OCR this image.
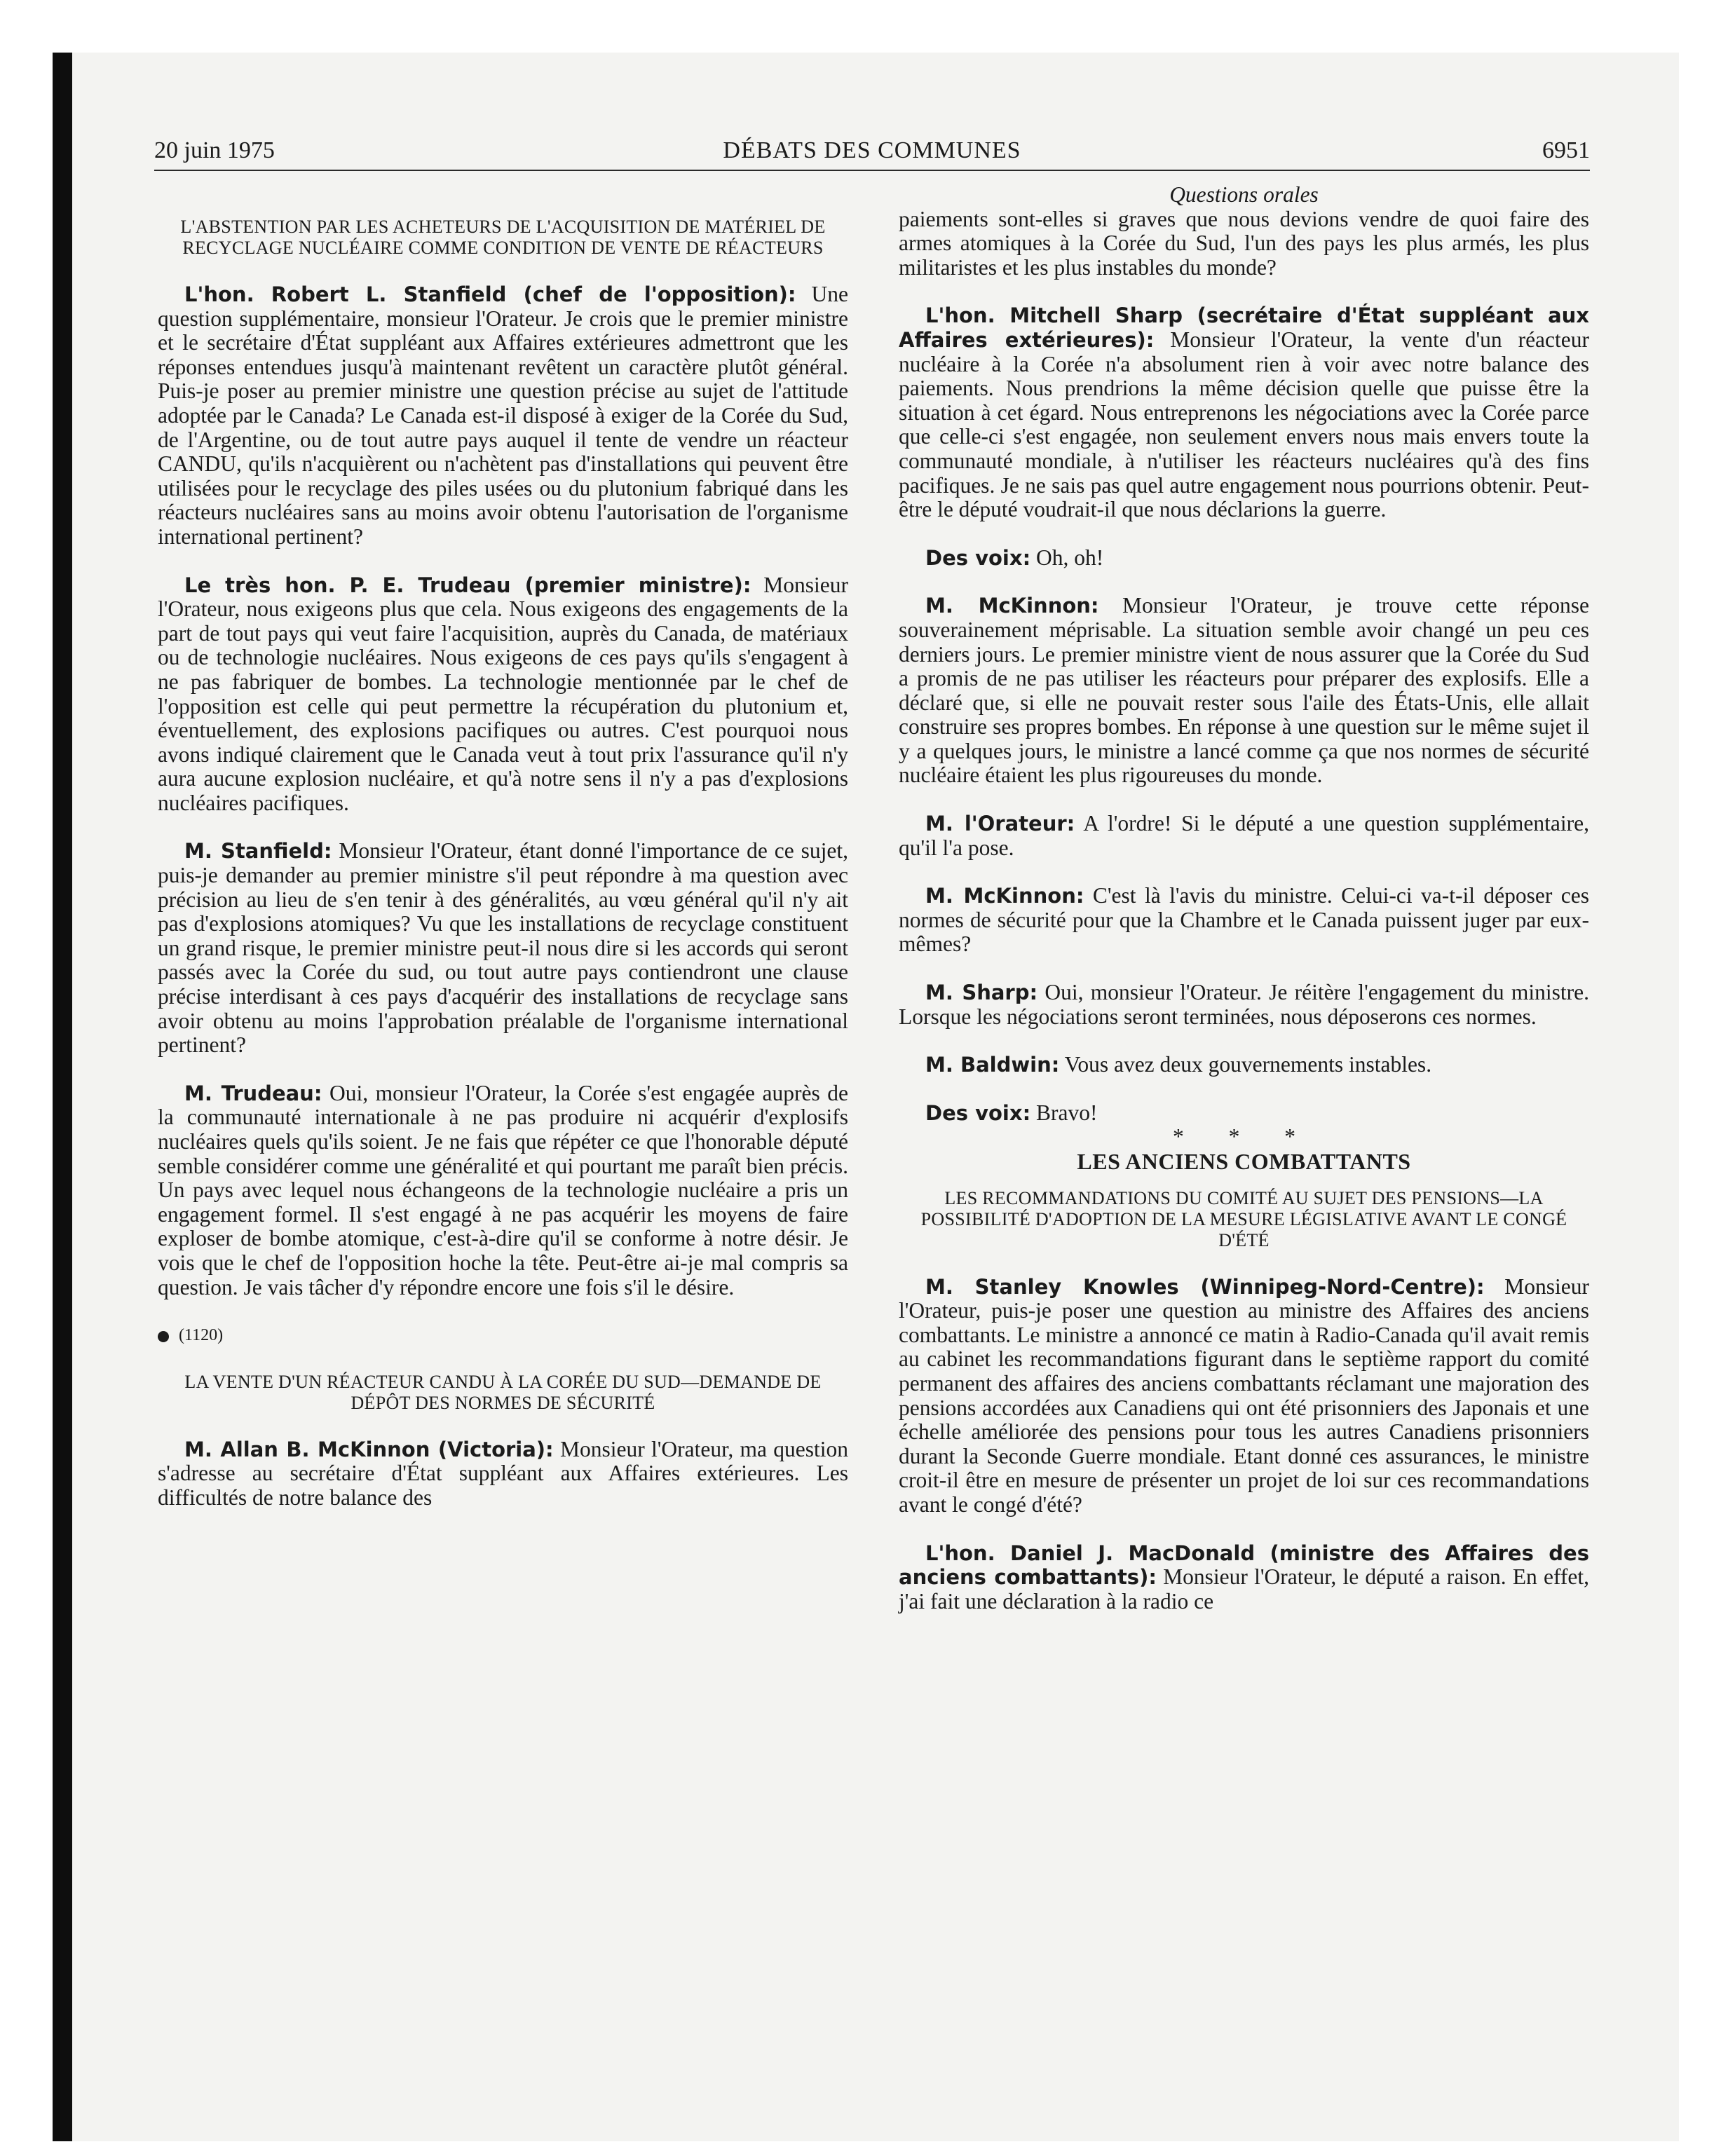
20 juin 1975	DÉBATS DES COMMUNES	6951

L'ABSTENTION PAR LES ACHETEURS DE L'ACQUISITION DE MATÉRIEL DE RECYCLAGE NUCLÉAIRE COMME CONDITION DE VENTE DE RÉACTEURS

L'hon. Robert L. Stanfield (chef de l'opposition): Une question supplémentaire, monsieur l'Orateur. Je crois que le premier ministre et le secrétaire d'État suppléant aux Affaires extérieures admettront que les réponses entendues jusqu'à maintenant revêtent un caractère plutôt général. Puis-je poser au premier ministre une question précise au sujet de l'attitude adoptée par le Canada? Le Canada est-il disposé à exiger de la Corée du Sud, de l'Argentine, ou de tout autre pays auquel il tente de vendre un réacteur CANDU, qu'ils n'acquièrent ou n'achètent pas d'installations qui peuvent être utilisées pour le recyclage des piles usées ou du plutonium fabriqué dans les réacteurs nucléaires sans au moins avoir obtenu l'autorisation de l'organisme international pertinent?

Le très hon. P. E. Trudeau (premier ministre): Monsieur l'Orateur, nous exigeons plus que cela. Nous exigeons des engagements de la part de tout pays qui veut faire l'acquisition, auprès du Canada, de matériaux ou de technologie nucléaires. Nous exigeons de ces pays qu'ils s'engagent à ne pas fabriquer de bombes. La technologie mentionnée par le chef de l'opposition est celle qui peut permettre la récupération du plutonium et, éventuellement, des explosions pacifiques ou autres. C'est pourquoi nous avons indiqué clairement que le Canada veut à tout prix l'assurance qu'il n'y aura aucune explosion nucléaire, et qu'à notre sens il n'y a pas d'explosions nucléaires pacifiques.

M. Stanfield: Monsieur l'Orateur, étant donné l'importance de ce sujet, puis-je demander au premier ministre s'il peut répondre à ma question avec précision au lieu de s'en tenir à des généralités, au vœu général qu'il n'y ait pas d'explosions atomiques? Vu que les installations de recyclage constituent un grand risque, le premier ministre peut-il nous dire si les accords qui seront passés avec la Corée du sud, ou tout autre pays contiendront une clause précise interdisant à ces pays d'acquérir des installations de recyclage sans avoir obtenu au moins l'approbation préalable de l'organisme international pertinent?

M. Trudeau: Oui, monsieur l'Orateur, la Corée s'est engagée auprès de la communauté internationale à ne pas produire ni acquérir d'explosifs nucléaires quels qu'ils soient. Je ne fais que répéter ce que l'honorable député semble considérer comme une généralité et qui pourtant me paraît bien précis. Un pays avec lequel nous échangeons de la technologie nucléaire a pris un engagement formel. Il s'est engagé à ne pas acquérir les moyens de faire exploser de bombe atomique, c'est-à-dire qu'il se conforme à notre désir. Je vois que le chef de l'opposition hoche la tête. Peut-être ai-je mal compris sa question. Je vais tâcher d'y répondre encore une fois s'il le désire.

(1120)

LA VENTE D'UN RÉACTEUR CANDU À LA CORÉE DU SUD—DEMANDE DE DÉPÔT DES NORMES DE SÉCURITÉ

M. Allan B. McKinnon (Victoria): Monsieur l'Orateur, ma question s'adresse au secrétaire d'État suppléant aux Affaires extérieures. Les difficultés de notre balance des

Questions orales

paiements sont-elles si graves que nous devions vendre de quoi faire des armes atomiques à la Corée du Sud, l'un des pays les plus armés, les plus militaristes et les plus instables du monde?

L'hon. Mitchell Sharp (secrétaire d'État suppléant aux Affaires extérieures): Monsieur l'Orateur, la vente d'un réacteur nucléaire à la Corée n'a absolument rien à voir avec notre balance des paiements. Nous prendrions la même décision quelle que puisse être la situation à cet égard. Nous entreprenons les négociations avec la Corée parce que celle-ci s'est engagée, non seulement envers nous mais envers toute la communauté mondiale, à n'utiliser les réacteurs nucléaires qu'à des fins pacifiques. Je ne sais pas quel autre engagement nous pourrions obtenir. Peut-être le député voudrait-il que nous déclarions la guerre.

Des voix: Oh, oh!

M. McKinnon: Monsieur l'Orateur, je trouve cette réponse souverainement méprisable. La situation semble avoir changé un peu ces derniers jours. Le premier ministre vient de nous assurer que la Corée du Sud a promis de ne pas utiliser les réacteurs pour préparer des explosifs. Elle a déclaré que, si elle ne pouvait rester sous l'aile des États-Unis, elle allait construire ses propres bombes. En réponse à une question sur le même sujet il y a quelques jours, le ministre a lancé comme ça que nos normes de sécurité nucléaire étaient les plus rigoureuses du monde.

M. l'Orateur: A l'ordre! Si le député a une question supplémentaire, qu'il l'a pose.

M. McKinnon: C'est là l'avis du ministre. Celui-ci va-t-il déposer ces normes de sécurité pour que la Chambre et le Canada puissent juger par eux-mêmes?

M. Sharp: Oui, monsieur l'Orateur. Je réitère l'engagement du ministre. Lorsque les négociations seront terminées, nous déposerons ces normes.

M. Baldwin: Vous avez deux gouvernements instables.

Des voix: Bravo!

* * *

LES ANCIENS COMBATTANTS

LES RECOMMANDATIONS DU COMITÉ AU SUJET DES PENSIONS—LA POSSIBILITÉ D'ADOPTION DE LA MESURE LÉGISLATIVE AVANT LE CONGÉ D'ÉTÉ

M. Stanley Knowles (Winnipeg-Nord-Centre): Monsieur l'Orateur, puis-je poser une question au ministre des Affaires des anciens combattants. Le ministre a annoncé ce matin à Radio-Canada qu'il avait remis au cabinet les recommandations figurant dans le septième rapport du comité permanent des affaires des anciens combattants réclamant une majoration des pensions accordées aux Canadiens qui ont été prisonniers des Japonais et une échelle améliorée des pensions pour tous les autres Canadiens prisonniers durant la Seconde Guerre mondiale. Etant donné ces assurances, le ministre croit-il être en mesure de présenter un projet de loi sur ces recommandations avant le congé d'été?

L'hon. Daniel J. MacDonald (ministre des Affaires des anciens combattants): Monsieur l'Orateur, le député a raison. En effet, j'ai fait une déclaration à la radio ce
